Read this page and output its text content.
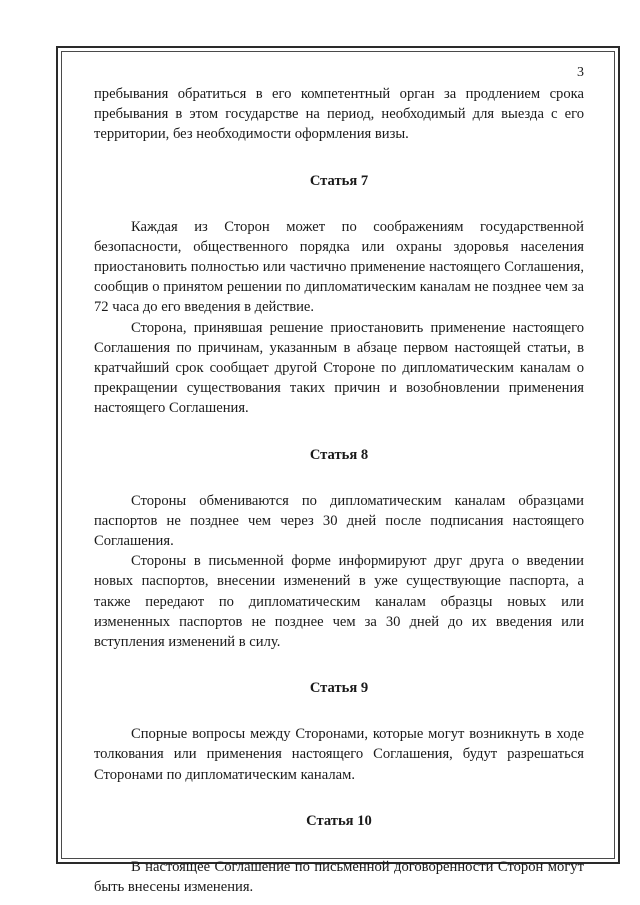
3

пребывания обратиться в его компетентный орган за продлением срока пребывания в этом государстве на период, необходимый для выезда с его территории, без необходимости оформления визы.

Статья 7

Каждая из Сторон может по соображениям государственной безопасности, общественного порядка или охраны здоровья населения приостановить полностью или частично применение настоящего Соглашения, сообщив о принятом решении по дипломатическим каналам не позднее чем за 72 часа до его введения в действие.

Сторона, принявшая решение приостановить применение настоящего Соглашения по причинам, указанным в абзаце первом настоящей статьи, в кратчайший срок сообщает другой Стороне по дипломатическим каналам о прекращении существования таких причин и возобновлении применения настоящего Соглашения.

Статья 8

Стороны обмениваются по дипломатическим каналам образцами паспортов не позднее чем через 30 дней после подписания настоящего Соглашения.

Стороны в письменной форме информируют друг друга о введении новых паспортов, внесении изменений в уже существующие паспорта, а также передают по дипломатическим каналам образцы новых или измененных паспортов не позднее чем за 30 дней до их введения или вступления изменений в силу.

Статья 9

Спорные вопросы между Сторонами, которые могут возникнуть в ходе толкования или применения настоящего Соглашения, будут разрешаться Сторонами по дипломатическим каналам.

Статья 10

В настоящее Соглашение по письменной договоренности Сторон могут быть внесены изменения.
